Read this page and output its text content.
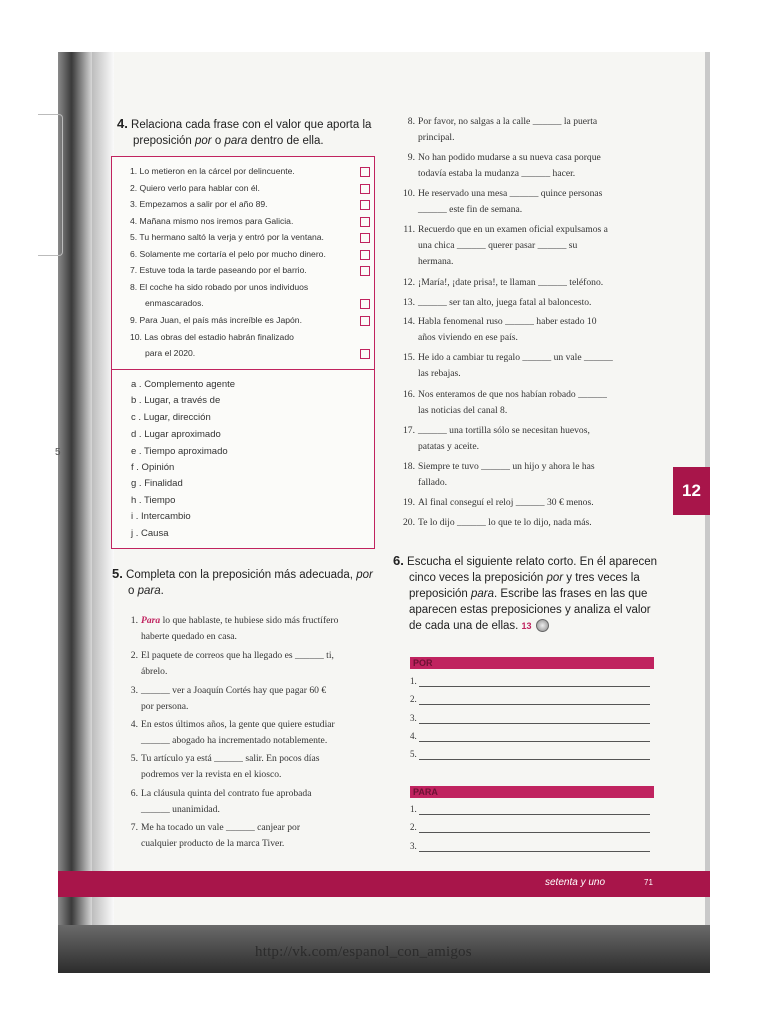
5
4. Relaciona cada frase con el valor que aporta la
preposición por o para dentro de ella.
1. Lo metieron en la cárcel por delincuente.
2. Quiero verlo para hablar con él.
3. Empezamos a salir por el año 89.
4. Mañana mismo nos iremos para Galicia.
5. Tu hermano saltó la verja y entró por la ventana.
6. Solamente me cortaría el pelo por mucho dinero.
7. Estuve toda la tarde paseando por el barrio.
8. El coche ha sido robado por unos individuos
enmascarados.
9. Para Juan, el país más increíble es Japón.
10. Las obras del estadio habrán finalizado
para el 2020.
a . Complemento agente
b . Lugar, a través de
c . Lugar, dirección
d . Lugar aproximado
e . Tiempo aproximado
f . Opinión
g . Finalidad
h . Tiempo
i . Intercambio
j . Causa
5. Completa con la preposición más adecuada, por
o para.
1. Para lo que hablaste, te hubiese sido más fructífero
haberte quedado en casa.
2. El paquete de correos que ha llegado es ______ ti,
ábrelo.
3. ______ ver a Joaquín Cortés hay que pagar 60 €
por persona.
4. En estos últimos años, la gente que quiere estudiar
______ abogado ha incrementado notablemente.
5. Tu artículo ya está ______ salir. En pocos días
podremos ver la revista en el kiosco.
6. La cláusula quinta del contrato fue aprobada
______ unanimidad.
7. Me ha tocado un vale ______ canjear por
cualquier producto de la marca Tiver.
8. Por favor, no salgas a la calle ______ la puerta
principal.
9. No han podido mudarse a su nueva casa porque
todavía estaba la mudanza ______ hacer.
10. He reservado una mesa ______ quince personas
______ este fin de semana.
11. Recuerdo que en un examen oficial expulsamos a
una chica ______ querer pasar ______ su
hermana.
12. ¡María!, ¡date prisa!, te llaman ______ teléfono.
13. ______ ser tan alto, juega fatal al baloncesto.
14. Habla fenomenal ruso ______ haber estado 10
años viviendo en ese país.
15. He ido a cambiar tu regalo ______ un vale ______
las rebajas.
16. Nos enteramos de que nos habían robado ______
las noticias del canal 8.
17. ______ una tortilla sólo se necesitan huevos,
patatas y aceite.
18. Siempre te tuvo ______ un hijo y ahora le has
fallado.
19. Al final conseguí el reloj ______ 30 € menos.
20. Te lo dijo ______ lo que te lo dijo, nada más.
6. Escucha el siguiente relato corto. En él aparecen
cinco veces la preposición por y tres veces la
preposición para. Escribe las frases en las que
aparecen estas preposiciones y analiza el valor
de cada una de ellas. 13
POR
1.
2.
3.
4.
5.
PARA
1.
2.
3.
12
setenta y uno	71
http://vk.com/espanol_con_amigos
